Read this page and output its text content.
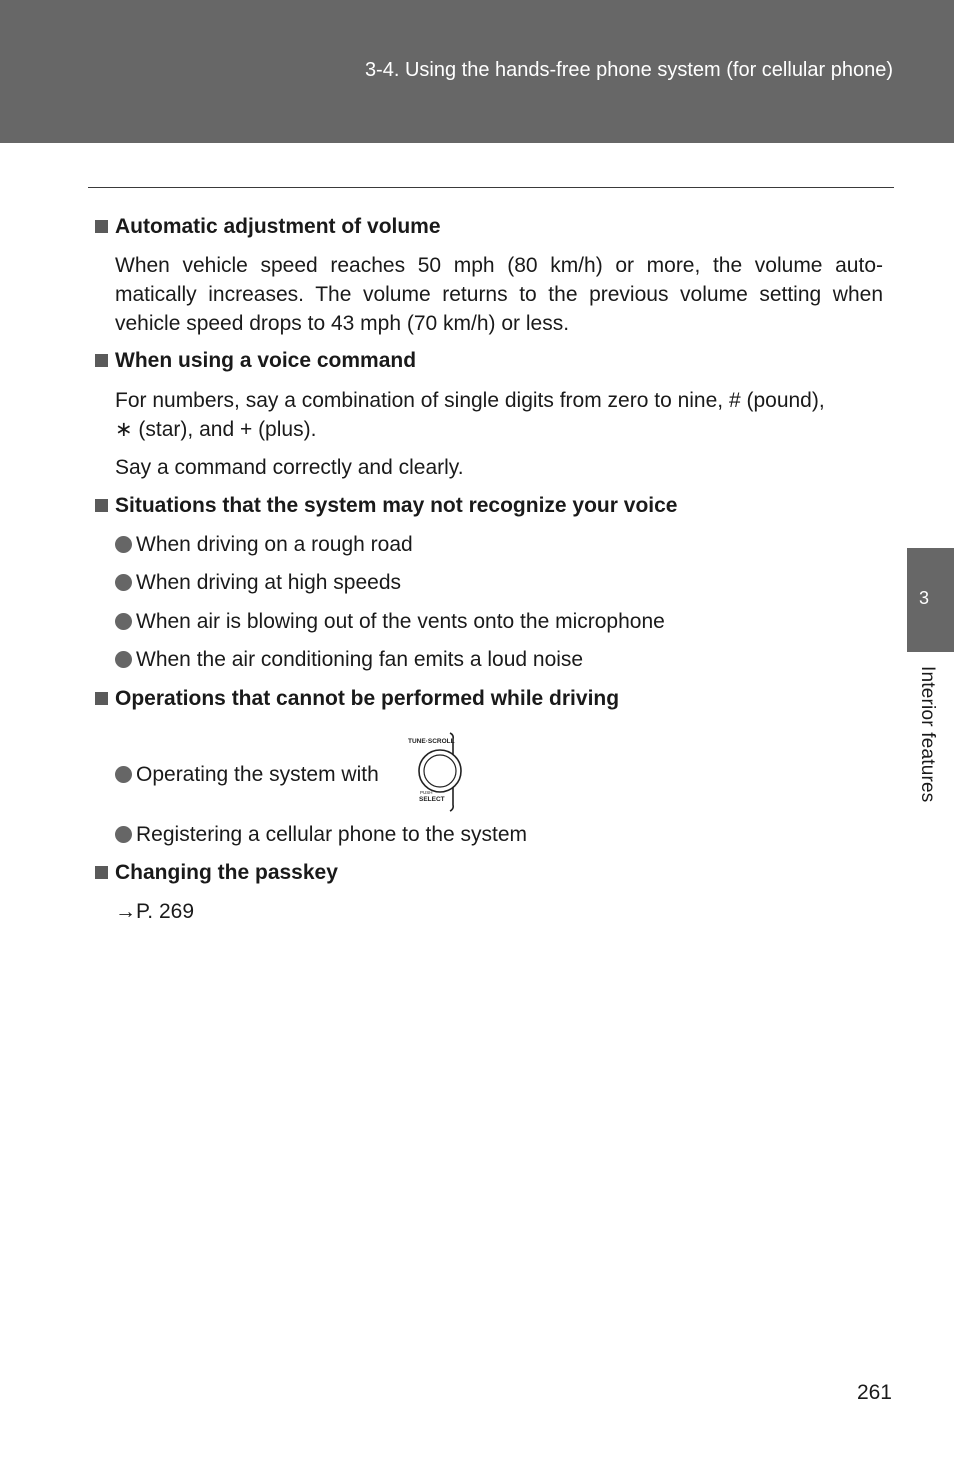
3-4. Using the hands-free phone system (for cellular phone)
3
Interior features
Automatic adjustment of volume
When vehicle speed reaches 50 mph (80 km/h) or more, the volume auto-
matically increases. The volume returns to the previous volume setting when
vehicle speed drops to 43 mph (70 km/h) or less.
When using a voice command
For numbers, say a combination of single digits from zero to nine, # (pound),
∗ (star), and + (plus).
Say a command correctly and clearly.
Situations that the system may not recognize your voice
When driving on a rough road
When driving at high speeds
When air is blowing out of the vents onto the microphone
When the air conditioning fan emits a loud noise
Operations that cannot be performed while driving
Operating the system with
TUNE·SCROLL
PUSH
SELECT
Registering a cellular phone to the system
Changing the passkey
→P. 269
261
